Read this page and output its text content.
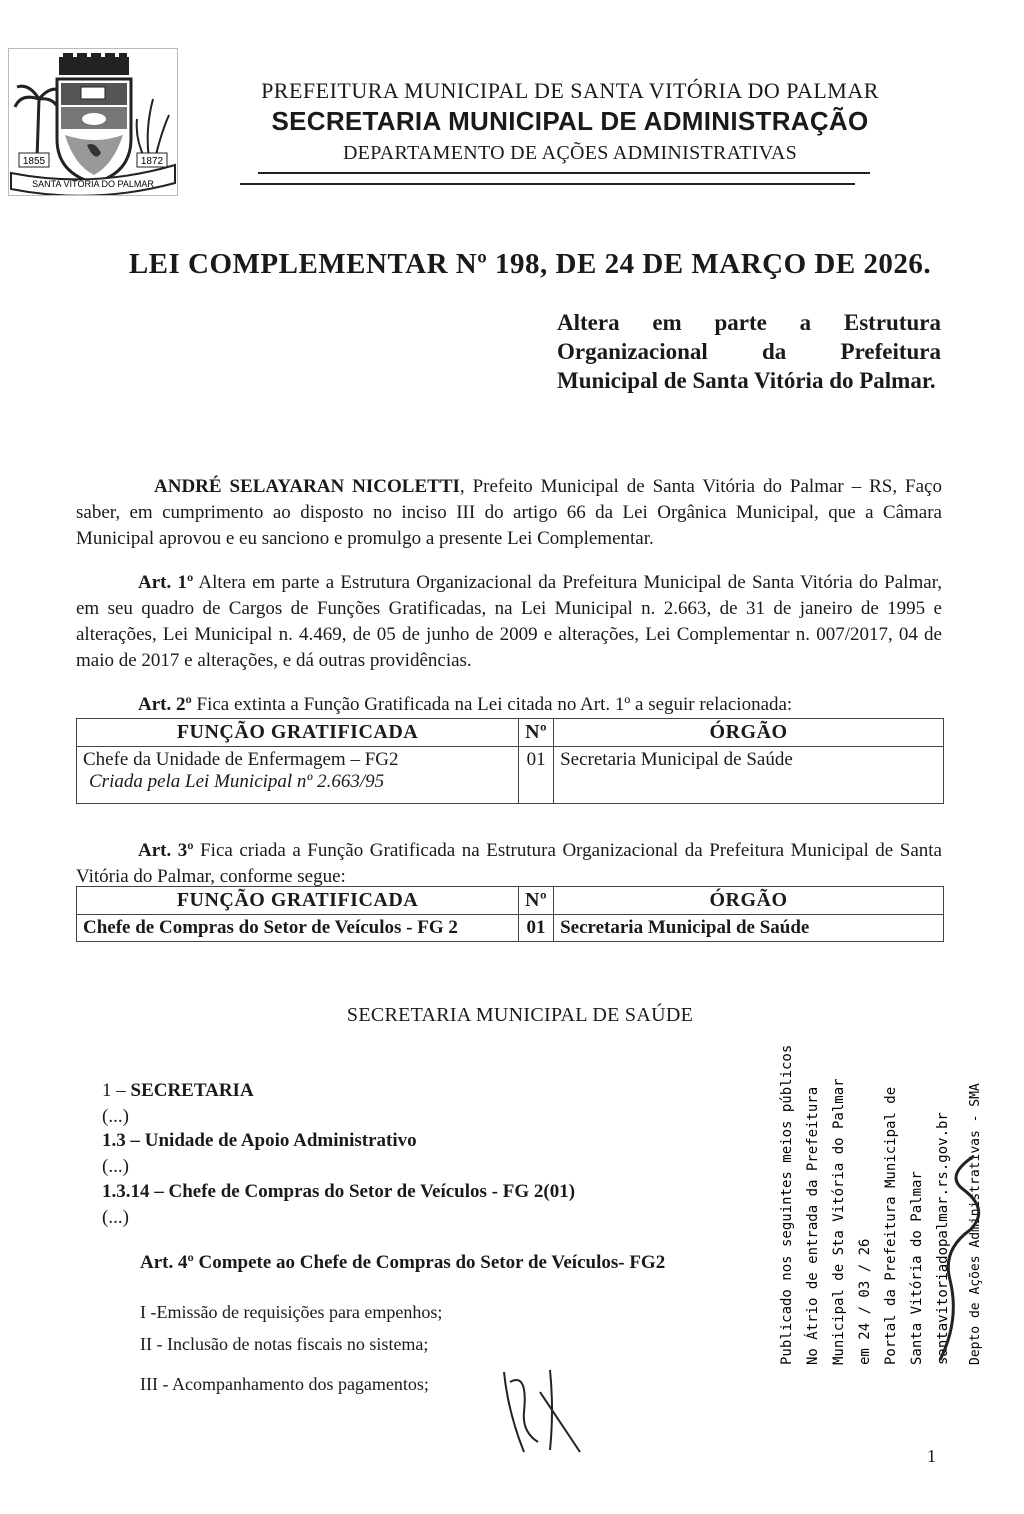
1855	1872
SANTA VITÓRIA DO PALMAR
PREFEITURA MUNICIPAL DE SANTA VITÓRIA DO PALMAR
SECRETARIA MUNICIPAL DE ADMINISTRAÇÃO
DEPARTAMENTO DE AÇÕES ADMINISTRATIVAS
LEI COMPLEMENTAR Nº 198, DE 24 DE MARÇO DE 2026.
Altera em parte a Estrutura Organizacional da Prefeitura Municipal de Santa Vitória do Palmar.
ANDRÉ SELAYARAN NICOLETTI, Prefeito Municipal de Santa Vitória do Palmar – RS, Faço saber, em cumprimento ao disposto no inciso III do artigo 66 da Lei Orgânica Municipal, que a Câmara Municipal aprovou e eu sanciono e promulgo a presente Lei Complementar.
Art. 1º Altera em parte a Estrutura Organizacional da Prefeitura Municipal de Santa Vitória do Palmar, em seu quadro de Cargos de Funções Gratificadas, na Lei Municipal n. 2.663, de 31 de janeiro de 1995 e alterações, Lei Municipal n. 4.469, de 05 de junho de 2009 e alterações, Lei Complementar n. 007/2017, 04 de maio de 2017 e alterações, e dá outras providências.
Art. 2º Fica extinta a Função Gratificada na Lei citada no Art. 1º a seguir relacionada:
FUNÇÃO GRATIFICADA	Nº	ÓRGÃO
Chefe da Unidade de Enfermagem – FG2
Criada pela Lei Municipal nº 2.663/95	01	Secretaria Municipal de Saúde
Art. 3º Fica criada a Função Gratificada na Estrutura Organizacional da Prefeitura Municipal de Santa Vitória do Palmar, conforme segue:
FUNÇÃO GRATIFICADA	Nº	ÓRGÃO
Chefe de Compras do Setor de Veículos - FG 2	01	Secretaria Municipal de Saúde
SECRETARIA MUNICIPAL DE SAÚDE
1 – SECRETARIA
(...)
1.3 – Unidade de Apoio Administrativo
(...)
1.3.14 – Chefe de Compras do Setor de Veículos - FG 2(01)
(...)
Art. 4º Compete ao Chefe de Compras do Setor de Veículos- FG2
I -Emissão de requisições para empenhos;
II - Inclusão de notas fiscais no sistema;
III - Acompanhamento dos pagamentos;
Publicado nos seguintes meios públicos No Átrio de entrada da Prefeitura Municipal de Sta Vitória do Palmar em 24 / 03 / 26 Portal da Prefeitura Municipal de Santa Vitória do Palmar santavitoriadopalmar.rs.gov.br Depto de Ações Administrativas - SMA
1
